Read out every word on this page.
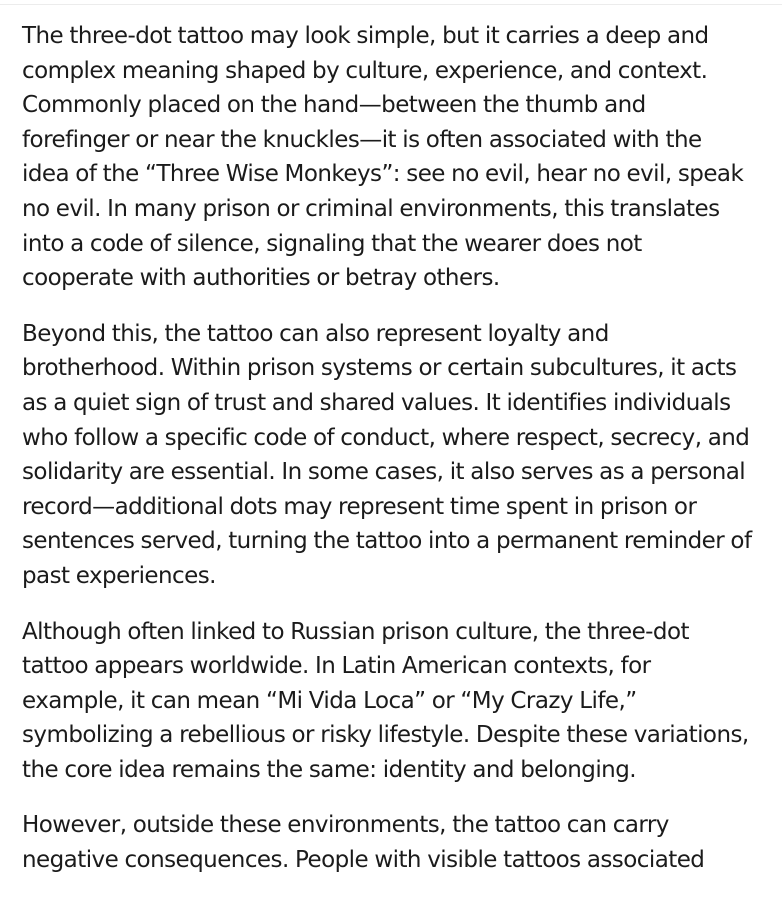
The three-dot tattoo may look simple, but it carries a deep and complex meaning shaped by culture, experience, and context. Commonly placed on the hand—between the thumb and forefinger or near the knuckles—it is often associated with the idea of the “Three Wise Monkeys”: see no evil, hear no evil, speak no evil. In many prison or criminal environments, this translates into a code of silence, signaling that the wearer does not cooperate with authorities or betray others.

Beyond this, the tattoo can also represent loyalty and brotherhood. Within prison systems or certain subcultures, it acts as a quiet sign of trust and shared values. It identifies individuals who follow a specific code of conduct, where respect, secrecy, and solidarity are essential. In some cases, it also serves as a personal record—additional dots may represent time spent in prison or sentences served, turning the tattoo into a permanent reminder of past experiences.

Although often linked to Russian prison culture, the three-dot tattoo appears worldwide. In Latin American contexts, for example, it can mean “Mi Vida Loca” or “My Crazy Life,” symbolizing a rebellious or risky lifestyle. Despite these variations, the core idea remains the same: identity and belonging.

However, outside these environments, the tattoo can carry negative consequences. People with visible tattoos associated
